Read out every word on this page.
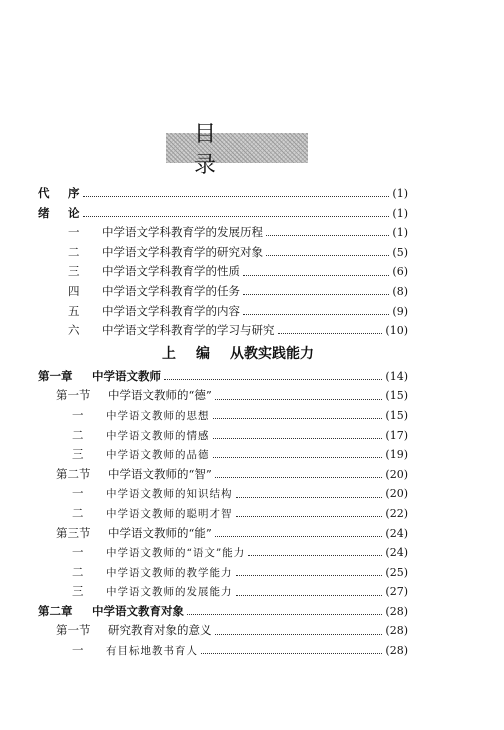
目 录
代	序	(1)
绪	论	(1)
一	中学语文学科教育学的发展历程	(1)
二	中学语文学科教育学的研究对象	(5)
三	中学语文学科教育学的性质	(6)
四	中学语文学科教育学的任务	(8)
五	中学语文学科教育学的内容	(9)
六	中学语文学科教育学的学习与研究	(10)
上 编 从教实践能力
第一章	中学语文教师	(14)
第一节	中学语文教师的“德”	(15)
一	中学语文教师的思想	(15)
二	中学语文教师的情感	(17)
三	中学语文教师的品德	(19)
第二节	中学语文教师的“智”	(20)
一	中学语文教师的知识结构	(20)
二	中学语文教师的聪明才智	(22)
第三节	中学语文教师的“能”	(24)
一	中学语文教师的“语文”能力	(24)
二	中学语文教师的教学能力	(25)
三	中学语文教师的发展能力	(27)
第二章	中学语文教育对象	(28)
第一节	研究教育对象的意义	(28)
一	有目标地教书育人	(28)
